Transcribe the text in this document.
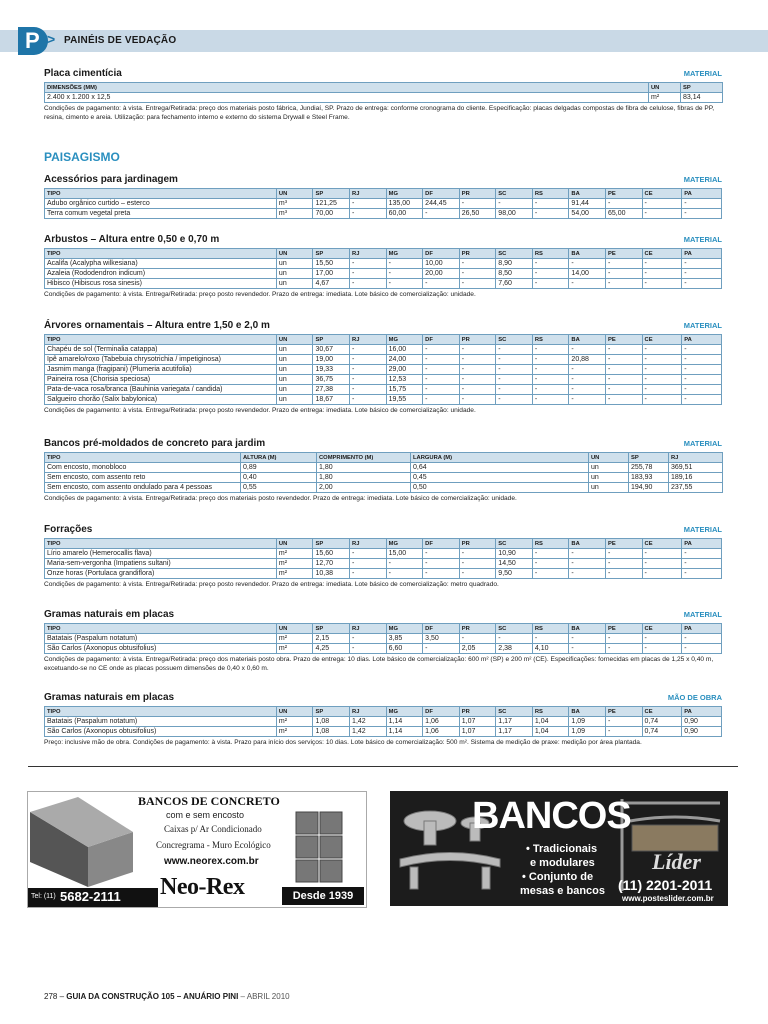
P > PAINÉIS DE VEDAÇÃO
Placa cimentícia	MATERIAL
DIMENSÕES (MM)	UN	SP
2.400 x 1.200 x 12,5	m²	83,14
Condições de pagamento: à vista. Entrega/Retirada: preço dos materiais posto fábrica, Jundiaí, SP. Prazo de entrega: conforme cronograma do cliente. Especificação: placas delgadas compostas de fibra de celulose, fibras de PP, resina, cimento e areia. Utilização: para fechamento interno e externo do sistema Drywall e Steel Frame.
PAISAGISMO
Acessórios para jardinagem	MATERIAL
TIPO	UN	SP	RJ	MG	DF	PR	SC	RS	BA	PE	CE	PA
Adubo orgânico curtido – esterco	m³	121,25	-	135,00	244,45	-	-	-	91,44	-	-	-
Terra comum vegetal preta	m³	70,00	-	60,00	-	26,50	98,00	-	54,00	65,00	-	-
Arbustos – Altura entre 0,50 e 0,70 m	MATERIAL
TIPO	UN	SP	RJ	MG	DF	PR	SC	RS	BA	PE	CE	PA
Acalifa (Acalypha wilkesiana)	un	15,50	-	-	10,00	-	8,90	-	-	-	-	-
Azaleia (Rododendron indicum)	un	17,00	-	-	20,00	-	8,50	-	14,00	-	-	-
Hibisco (Hibiscus rosa sinesis)	un	4,67	-	-	-	-	7,60	-	-	-	-	-
Condições de pagamento: à vista. Entrega/Retirada: preço posto revendedor. Prazo de entrega: imediata. Lote básico de comercialização: unidade.
Árvores ornamentais – Altura entre 1,50 e 2,0 m	MATERIAL
TIPO	UN	SP	RJ	MG	DF	PR	SC	RS	BA	PE	CE	PA
Chapéu de sol (Terminalia catappa)	un	30,67	-	16,00	-	-	-	-	-	-	-	-
Ipê amarelo/roxo (Tabebuia chrysotrichia / impetiginosa)	un	19,00	-	24,00	-	-	-	-	20,88	-	-	-
Jasmim manga (fragipani) (Plumeria acutifolia)	un	19,33	-	29,00	-	-	-	-	-	-	-	-
Paineira rosa (Chorisia speciosa)	un	36,75	-	12,53	-	-	-	-	-	-	-	-
Pata-de-vaca rosa/branca (Bauhinia variegata / candida)	un	27,38	-	15,75	-	-	-	-	-	-	-	-
Salgueiro chorão (Salix babylonica)	un	18,67	-	19,55	-	-	-	-	-	-	-	-
Condições de pagamento: à vista. Entrega/Retirada: preço posto revendedor. Prazo de entrega: imediata. Lote básico de comercialização: unidade.
Bancos pré-moldados de concreto para jardim	MATERIAL
TIPO	ALTURA (M)	COMPRIMENTO (M)	LARGURA (M)	UN	SP	RJ
Com encosto, monobloco	0,89	1,80	0,64	un	255,78	369,51
Sem encosto, com assento reto	0,40	1,80	0,45	un	183,93	189,16
Sem encosto, com assento ondulado para 4 pessoas	0,55	2,00	0,50	un	194,90	237,55
Condições de pagamento: à vista. Entrega/Retirada: preço dos materiais posto revendedor. Prazo de entrega: imediata. Lote básico de comercialização: unidade.
Forrações	MATERIAL
TIPO	UN	SP	RJ	MG	DF	PR	SC	RS	BA	PE	CE	PA
Lírio amarelo (Hemerocallis flava)	m²	15,60	-	15,00	-	-	10,90	-	-	-	-	-
Maria-sem-vergonha (Impatiens sultani)	m²	12,70	-	-	-	-	14,50	-	-	-	-	-
Onze horas (Portulaca grandiflora)	m²	10,38	-	-	-	-	9,50	-	-	-	-	-
Condições de pagamento: à vista. Entrega/Retirada: preço posto revendedor. Prazo de entrega: imediata. Lote básico de comercialização: metro quadrado.
Gramas naturais em placas	MATERIAL
TIPO	UN	SP	RJ	MG	DF	PR	SC	RS	BA	PE	CE	PA
Batatais (Paspalum notatum)	m²	2,15	-	3,85	3,50	-	-	-	-	-	-	-
São Carlos (Axonopus obtusifolius)	m²	4,25	-	6,60	-	2,05	2,38	4,10	-	-	-	-
Condições de pagamento: à vista. Entrega/Retirada: preço dos materiais posto obra. Prazo de entrega: 10 dias. Lote básico de comercialização: 600 m² (SP) e 200 m² (CE). Especificações: fornecidas em placas de 1,25 x 0,40 m, excetuando-se no CE onde as placas possuem dimensões de 0,40 x 0,60 m.
Gramas naturais em placas	MÃO DE OBRA
TIPO	UN	SP	RJ	MG	DF	PR	SC	RS	BA	PE	CE	PA
Batatais (Paspalum notatum)	m²	1,08	1,42	1,14	1,06	1,07	1,17	1,04	1,09	-	0,74	0,90
São Carlos (Axonopus obtusifolius)	m²	1,08	1,42	1,14	1,06	1,07	1,17	1,04	1,09	-	0,74	0,90
Preço: inclusive mão de obra. Condições de pagamento: à vista. Prazo para início dos serviços: 10 dias. Lote básico de comercialização: 500 m². Sistema de medição de praxe: medição por área plantada.
BANCOS DE CONCRETO
com e sem encosto
Caixas p/ Ar Condicionado
Concregrama - Muro Ecológico
www.neorex.com.br
Tel: (11) 5682-2111 Neo-Rex	Desde 1939
BANCOS
• Tradicionais
e modulares
• Conjunto de
mesas e bancos
Líder
(11) 2201-2011
www.posteslider.com.br
278 – GUIA DA CONSTRUÇÃO 105 – ANUÁRIO PINI – ABRIL 2010
